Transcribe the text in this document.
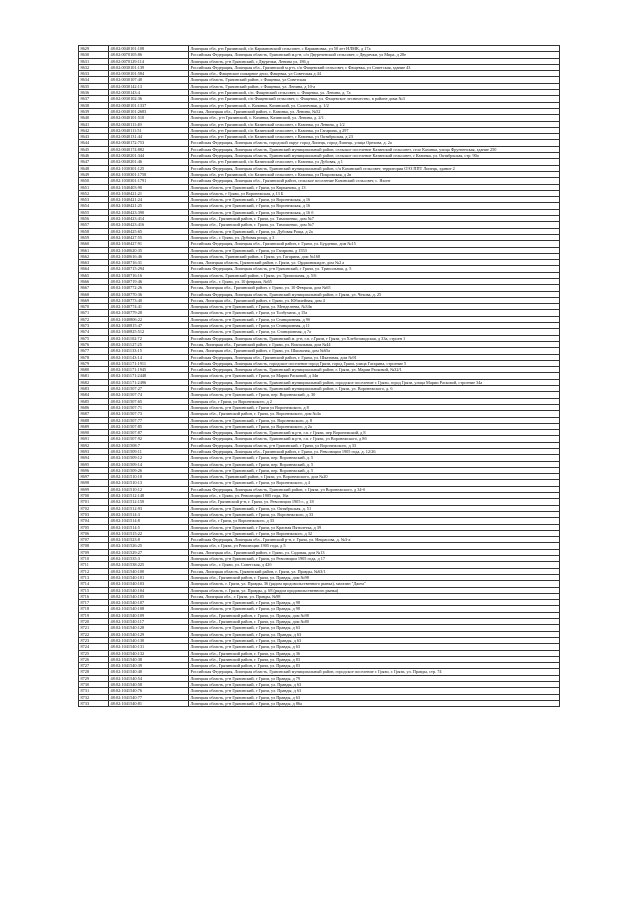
8629	48:02:0040101:108	Липецкая обл, р-н Грязинский, с/п Кармановский сельсовет, с Кармановка, ул 50 лет НЛМК, д 17а
8630	48:02:0070105:86	Российская Федерация, Липецкая область, Грязинский м.р-н, с/п Двуреченский сельсовет, с Двуречки, ул Мира, д 28е
8631	48:02:0070129:114	Липецкая область, р-н Грязинский, с Двуречки, Ленина ул, 186 д
8632	48:02:0030101:139	Российская Федерация, Липецкая обл., Грязинский м.р-н, с/п Фащевский сельсовет, с Фащевка, ул Советская, здание 43
8633	48:02:0030101:584	Липецкая обл., Фащевское пожарное депо, Фащевка, ул Советская д 44
8634	48:02:0030107:40	Липецкая область, Грязинский район, с Фащевка, ул Советская
8635	48:02:0030142:13	Липецкая область, Грязинский район, с Фащевка, ул. Ленина, д 10-а
8636	48:02:0030143:4	Липецкая обл, р-н Грязинский, с/п. Фащевский сельсовет, с. Фащевка, ул. Ленина, д. 7а
8637	48:02:0030102:36	Липецкая обл, р-н Грязинский, с/п Фащевский сельсовет, с. Фащевка, ул. Фащевское лесничество, в районе дома №3
8638	48:02:0040101:1337	Липецкая обл, р-н Грязинский, с. Казинка, Казинский, ул. Солнечная, д. 1/2
8639	48:02:0040101:2683	Россия, Липецкая обл., Грязинский район, с. Казинка, ул. Ленина, №52
8640	48:02:0040101:510	Липецкая обл., р-н Грязинский, с. Казинка, Казинский, ул. Ленина, д. 2/1
8641	48:02:0040111:49	Липецкая обл, р-н Грязинский, с/п Казинский сельсовет, с Казинка, ул Ленина, д 1/2
8642	48:02:0040111:51	Липецкая обл, р-н Грязинский, с/п Казинский сельсовет, с Казинка, ул Гагарина, д 297
8643	48:02:0040131:44	Липецкая обл, р-н Грязинский, с/п Казинский сельсовет, с Казинка, ул Октябрьская, д 23
8644	48:02:0040172:753	Российская Федерация, Липецкая область, городской округ город Липецк, город Липецк, улица Орехова, д. 2а
8645	48:02:0040174:882	Российская Федерация, Липецкая область, Грязинский муниципальный район, сельское поселение Казинский сельсовет, село Казинка, улица Фрунзенская, здание 250
8646	48:02:0040201:344	Российская Федерация, Липецкая область, Грязинский муниципальный район, сельское поселение Казинский сельсовет, с Казинка, ул. Октябрьская, стр. 90а
8647	48:02:0040201:46	Липецкая обл, р-н Грязинский, с/п Казинский сельсовет, с Казинка, ул Дубовая, д 1
8648	48:02:1030301:125	Российская Федерация, Липецкая область, Грязинский муниципальный район, с/п Казинский сельсовет, территория ОЭЗ ППТ Липецк, здание 2
8649	48:02:1030301:1758	Липецкая обл, р-н Грязинский, с/п Казинский сельсовет, с Казинка, ул Покровская, д 2в
8650	48:02:1030301:1791	Российская Федерация, Липецкая обл., Грязинский район, сельское поселение Казинский сельсовет, с. Яхонт
8651	48:02:1040403:90	Липецкая область, р-н Грязинский, г Грязи, ул Кирьянова, д 13
8652	48:02:1040421:21	Липецкая область, г Грязи, ул Воронежская, д 13 Б
8653	48:02:1040421:24	Липецкая область, р-н Грязинский, г Грязи, ул Воронежская, д 16
8654	48:02:1040421:25	Липецкая область, р-н Грязинский, г Грязи, ул Воронежская, д 16
8655	48:02:1040423:390	Липецкая область, р-н Грязинский, г Грязи, ул Воронежская, д 16 б
8656	48:02:1040423:414	Липецкая обл., Грязинский район, г. Грязи, ул. Тимошенко, дом №7
8657	48:02:1040423:416	Липецкая обл., Грязинский район, г. Грязи, ул. Тимошенко, дом №7
8658	48:02:1040425:65	Липецкая область, р-н Грязинский, г Грязи, ул. Дубовая Роща, д 2а
8659	48:02:1040427:55	Липецкая обл., г. Грязи, ул. Дубовая роща, д 3
8660	48:02:1040427:91	Российская Федерация, Липецкая обл., Грязинский район, г. Грязи, ул. Бурденко, дом №15
8661	48:02:1040620:35	Липецкая область, р-н Грязинский, г Грязи, ул Гагарина, д 1553
8662	48:02:1040616:46	Липецкая область, Грязинский район, г. Грязи, ул. Гагарина, дом №168
8663	48:02:1040716:31	Россия, Липецкая область, Грязинский район, г. Грязи, ул. Орджоникидзе, дом №2 а
8664	48:02:1040715:294	Российская Федерация, Липецкая область, р-н Грязинский, г Грязи, ул. Трипольная, д. 5
8665	48:02:1040716:16	Липецкая область, Грязинский район, г. Грязи, ул. Трипольная, д. 5/6
8666	48:02:1040719:46	Липецкая обл., г. Грязи, ул. 10 февраля, №65
8667	48:02:1040772:26	Россия, Липецкая обл., Грязинский район, г. Грязи, ул. 10 Февраля, дом №65
8668	48:02:1040770:36	Российская Федерация, Липецкая область, Грязинский муниципальный район, г. Грязи, ул. Чехова, д. 25
8669	48:02:1040773:40	Россия, Липецкая обл., Грязинский район, г. Грязи, ул. Юбилейная, дом 4
8670	48:02:1040774:41	Липецкая область, р-н Грязинский, г Грязи, ул. Менделеева, №34в
8671	48:02:1040779:28	Липецкая область, р-н Грязинский, г Грязи, ул Толбухина, д 15а
8672	48:02:1040806:22	Липецкая область, р-н Грязинский, г Грязи, ул Станционная, д 9б
8673	48:02:1040815:47	Липецкая область, р-н Грязинский, г Грязи, ул Станционная, д 11
8674	48:02:1040825:512	Липецкая область, р-н Грязинский, г Грязи, ул. Станционная, д 7а
8675	48:02:1041102:72	Российская Федерация, Липецкая область, Грязинский м. р-н, г.п. г.Грязи, г Грязи, ул Хлебозаводская, д 33а, строен 1
8676	48:02:1041127:25	Россия, Липецкая обл., Грязинский район, г. Грязи, ул. Вокзальная, дом №44
8677	48:02:1041133:15	Россия, Липецкая обл., Грязинский район, г. Грязи, ул. Школьная, дом №65а
8678	48:02:1041143:14	Российская Федерация, Липецкая обл., Грязинский район, г. Грязи, ул. Шкатовая, дом №91
8679	48:02:1041171:1911	Российская Федерация, Липецкая область, городское поселение город Грязи, город Грязи, улица Гагарина, строение 5
8680	48:02:1041171:1945	Российская Федерация, Липецкая область, Грязинский муниципальный район, г. Грязи, ул. Марии Расковой, №32/1
8681	48:02:1041171:2448	Липецкая область, р-н Грязинский, г Грязи, ул Марии Расковой, д 34в
8682	48:02:1041171:2496	Российская Федерация, Липецкая область, Грязинский муниципальный район, городское поселение г. Грязи, город Грязи, улица Марии Расковой, строение 34а
8683	48:02:1041507:27	Российская Федерация, Липецкая область, Грязинский муниципальный район, г. Грязи, ул. Воронежского, д. 6
8684	48:02:1041507:74	Липецкая область, р-н Грязинский, г Грязи, пер. Воронежский, д. 30
8685	48:02:1041507:65	Липецкая обл, г Грязи, ул Воронежского, д 2
8686	48:02:1041507:71	Липецкая область, р-н Грязинский, г Грязи ул Воронежского, д 8
8687	48:02:1041507:73	Липецкая обл., Грязинский район, г. Грязи, ул. Воронежского, дом №4а
8688	48:02:1041507:77	Липецкая область, р-н Грязинский, г Грязи, ул. Воронежского, д. 8
8689	48:02:1041507:85	Липецкая область, р-н Грязинский, г Грязи, ул Воронежского, д 2а
8690	48:02:1041507:87	Российская Федерация, Липецкая область, Грязинский м.р-н, г.п. г Грязи, пер Воронежский, д 8
8691	48:02:1041507:92	Российская Федерация, Липецкая область, Грязинский м.р-н, г.п. г Грязи, ул Воронежского, д 8б
8692	48:02:1041508:7	Российская Федерация, Липецкая область, р-н Грязинский, г Грязи, ул Воронежского, д 33
8693	48:02:1041509:11	Российская Федерация, Липецкая обл., Грязинский район, г. Грязи, ул. Революции 1905 года, д. 12/26
8694	48:02:1041509:12	Липецкая область, р-н Грязинский, г Грязи, пер. Воронежский, д. 5
8695	48:02:1041509:14	Липецкая область, р-н Грязинский, г Грязи, пер. Воронежский, д. 5
8696	48:02:1041509:26	Липецкая область, р-н Грязинский, г Грязи, пер. Воронежский, д. 5
8697	48:02:1041510:10	Липецкая область, Грязинский район, г. Грязи, ул. Воронежского, дом №20
8698	48:02:1041510:13	Липецкая область, р-н Грязинский, г Грязи, ул Воронежского, д 4
8699	48:02:1041510:12	Российская Федерация, Липецкая область, Грязинский район, г. Грязи, ул Воронежского, д 34-б
8700	48:02:1041512:148	Липецкая обл., г. Грязи, ул. Революции 1905 года, 16а
8701	48:02:1041512:150	Липецкая обл, Грязинский р-н, г. Грязи, ул. Революции 1905 г., д 18
8702	48:02:1041512:93	Липецкая область, р-н Грязинский, г Грязи, ул. Октябрьская, д. 51
8703	48:02:1041514:3	Липецкая область, р-н Грязинский, г Грязи, ул. Воронежского, д 33
8704	48:02:1041514:8	Липецкая обл, г Грязи, ул Воронежского, д 33
8705	48:02:1041514:5	Липецкая область, р-н Грязинский, г Грязи, ул Красная Пятилетка, д 39
8706	48:02:1041515:22	Липецкая область, р-н Грязинский, г Грязи, ул Воронежского, д 32
8707	48:02:1041523:8	Российская Федерация, Липецкая обл., Грязинский р-н, г. Грязи, ул. Некрасова, д. №3-а
8708	48:02:1041526:25	Липецкая обл, г. Грязи, ул Революции 1905 года, д 5
8709	48:02:1041529:27	Россия, Липецкая обл., Грязинский район, г. Грязи, ул. Садовая, дом №13
8710	48:02:1041535:3	Липецкая область, р-н Грязинский, г Грязи, ул Революции 1905 года, д 17
8711	48:02:1041538:225	Липецкая обл., г. Грязи, ул. Советская, д 42б
8712	48:02:1041540:100	Россия, Липецкая область, Грязинский район, г. Грязи, ул. Правды, №63/1
8713	48:02:1041540:101	Липецкая обл., Грязинский район, г. Грязи, ул. Правды, дом №98
8714	48:02:1041540:103	Липецкая область, г. Грязи, ул. Правды, 36 (рядом продовольственного рынка), магазин "Джем"
8715	48:02:1041540:104	Липецкая область, г. Грязи, ул. Правды, д. 68 (рядом продовольственного рынка)
8716	48:02:1041540:105	Россия, Липецкая обл., г. Грязи, ул. Правды, №98
8717	48:02:1041540:107	Липецкая область, р-н Грязинский, г Грязи, ул Правды, д 98
8718	48:02:1041540:108	Липецкая область, р-н Грязинский, г Грязи, ул Правды, д 98
8719	48:02:1041540:109	Липецкая обл., Грязинский район, г. Грязи, ул. Правды, дом №98
8720	48:02:1041540:117	Липецкая обл., Грязинский район, г. Грязи, ул. Правды, дом №80
8721	48:02:1041540:128	Липецкая область, р-н Грязинский, г Грязи, ул Правды, д 63
8722	48:02:1041540:129	Липецкая область, р-н Грязинский, г Грязи, ул. Правды, д 63
8723	48:02:1041540:130	Липецкая область, р-н Грязинский, г Грязи, ул. Правды, д 63
8724	48:02:1041540:131	Липецкая область, р-н Грязинский, г Грязи, ул Правды, д 63
8725	48:02:1041540:132	Липецкая обл., Грязинский район, г. Грязи, ул. Правды, д 36
8726	48:02:1041540:38	Липецкая обл., Грязинский район, г. Грязи, ул. Правды, д 83
8727	48:02:1041540:39	Липецкая обл., Грязинский район, г. Грязи, ул. Правды, д 83
8728	48:02:1041540:40	Российская Федерация, Липецкая область, Грязинский муниципальный район, городское поселение г. Грязи, г. Грязи, ул. Правды, стр. 74
8729	48:02:1041540:54	Липецкая область, р-н Грязинский, г Грязи, ул Правды, д 79
8730	48:02:1041540:58	Липецкая область, р-н Грязинский, г Грязи, ул. Правды, д 63
8731	48:02:1041540:76	Липецкая область, р-н Грязинский, г Грязи, ул. Правды, д 63
8732	48:02:1041540:77	Липецкая область, р-н Грязинский, г Грязи, ул Правды, д 63
8733	48:02:1041540:81	Липецкая область, р-н Грязинский, г Грязи, ул Правды, д 86а
